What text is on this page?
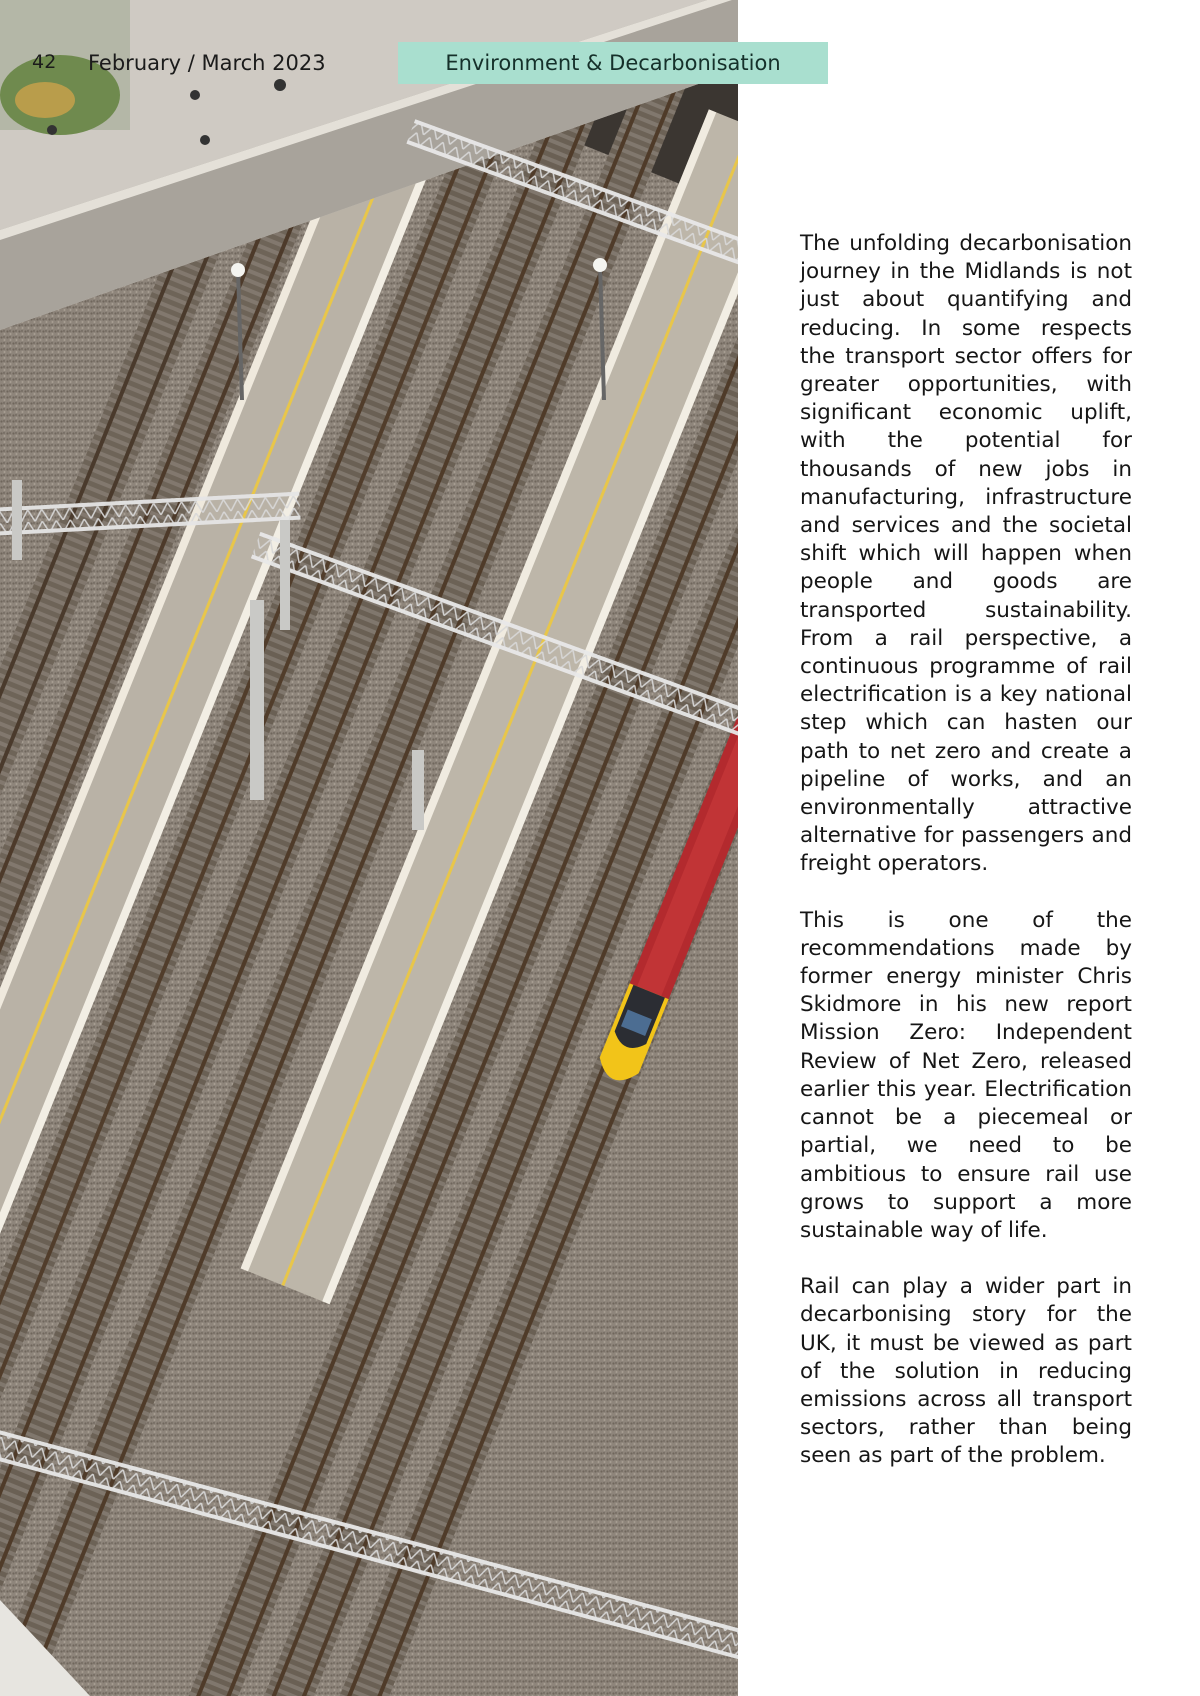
42 February / March 2023	Environment & Decarbonisation

The unfolding decarbonisation journey in the Midlands is not just about quantifying and reducing. In some respects the transport sector offers for greater opportunities, with significant economic uplift, with the potential for thousands of new jobs in manufacturing, infrastructure and services and the societal shift which will happen when people and goods are transported sustainability. From a rail perspective, a continuous programme of rail electrification is a key national step which can hasten our path to net zero and create a pipeline of works, and an environmentally attractive alternative for passengers and freight operators.

This is one of the recommendations made by former energy minister Chris Skidmore in his new report Mission Zero: Independent Review of Net Zero, released earlier this year. Electrification cannot be a piecemeal or partial, we need to be ambitious to ensure rail use grows to support a more sustainable way of life.

Rail can play a wider part in decarbonising story for the UK, it must be viewed as part of the solution in reducing emissions across all transport sectors, rather than being seen as part of the problem.
